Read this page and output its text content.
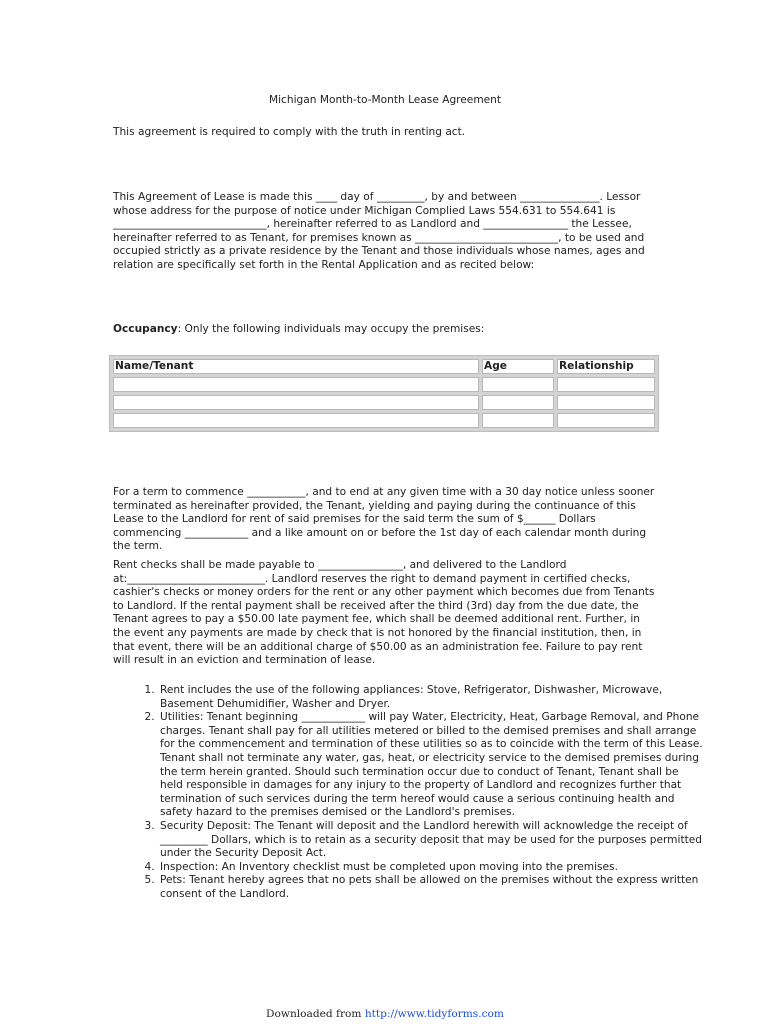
Michigan Month-to-Month Lease Agreement

This agreement is required to comply with the truth in renting act.

This Agreement of Lease is made this ____ day of _________, by and between _______________. Lessor whose address for the purpose of notice under Michigan Complied Laws 554.631 to 554.641 is _____________________________, hereinafter referred to as Landlord and ________________ the Lessee, hereinafter referred to as Tenant, for premises known as ___________________________, to be used and occupied strictly as a private residence by the Tenant and those individuals whose names, ages and relation are specifically set forth in the Rental Application and as recited below:

Occupancy: Only the following individuals may occupy the premises:

Name/Tenant	Age	Relationship

For a term to commence ___________, and to end at any given time with a 30 day notice unless sooner terminated as hereinafter provided, the Tenant, yielding and paying during the continuance of this Lease to the Landlord for rent of said premises for the said term the sum of $______ Dollars commencing ____________ and a like amount on or before the 1st day of each calendar month during the term.

Rent checks shall be made payable to ________________, and delivered to the Landlord at:__________________________. Landlord reserves the right to demand payment in certified checks, cashier's checks or money orders for the rent or any other payment which becomes due from Tenants to Landlord. If the rental payment shall be received after the third (3rd) day from the due date, the Tenant agrees to pay a $50.00 late payment fee, which shall be deemed additional rent. Further, in the event any payments are made by check that is not honored by the financial institution, then, in that event, there will be an additional charge of $50.00 as an administration fee. Failure to pay rent will result in an eviction and termination of lease.

1. Rent includes the use of the following appliances: Stove, Refrigerator, Dishwasher, Microwave, Basement Dehumidifier, Washer and Dryer.
2. Utilities: Tenant beginning ____________ will pay Water, Electricity, Heat, Garbage Removal, and Phone charges. Tenant shall pay for all utilities metered or billed to the demised premises and shall arrange for the commencement and termination of these utilities so as to coincide with the term of this Lease. Tenant shall not terminate any water, gas, heat, or electricity service to the demised premises during the term herein granted. Should such termination occur due to conduct of Tenant, Tenant shall be held responsible in damages for any injury to the property of Landlord and recognizes further that termination of such services during the term hereof would cause a serious continuing health and safety hazard to the premises demised or the Landlord's premises.
3. Security Deposit: The Tenant will deposit and the Landlord herewith will acknowledge the receipt of _________ Dollars, which is to retain as a security deposit that may be used for the purposes permitted under the Security Deposit Act.
4. Inspection: An Inventory checklist must be completed upon moving into the premises.
5. Pets: Tenant hereby agrees that no pets shall be allowed on the premises without the express written consent of the Landlord.

Downloaded from http://www.tidyforms.com
